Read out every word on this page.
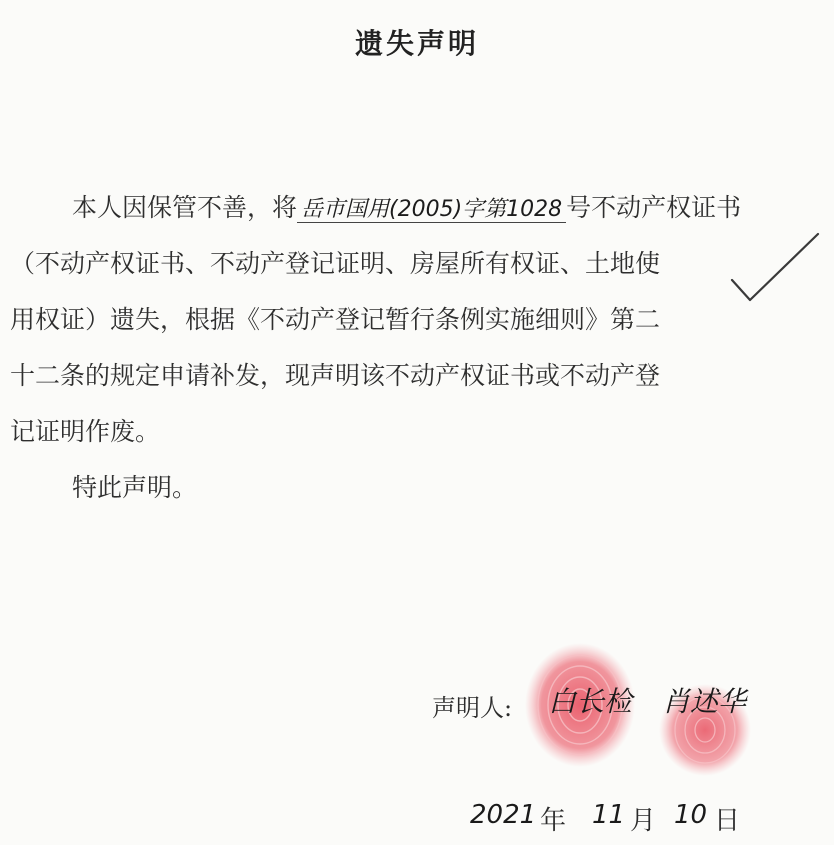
遗失声明
本人因保管不善，将 岳市国用(2005)字第1028 号不动产权证书
（不动产权证书、不动产登记证明、房屋所有权证、土地使
用权证）遗失，根据《不动产登记暂行条例实施细则》第二
十二条的规定申请补发，现声明该不动产权证书或不动产登
记证明作废。
特此声明。
声明人: 白长检 肖述华
2021 年 11 月 10 日
